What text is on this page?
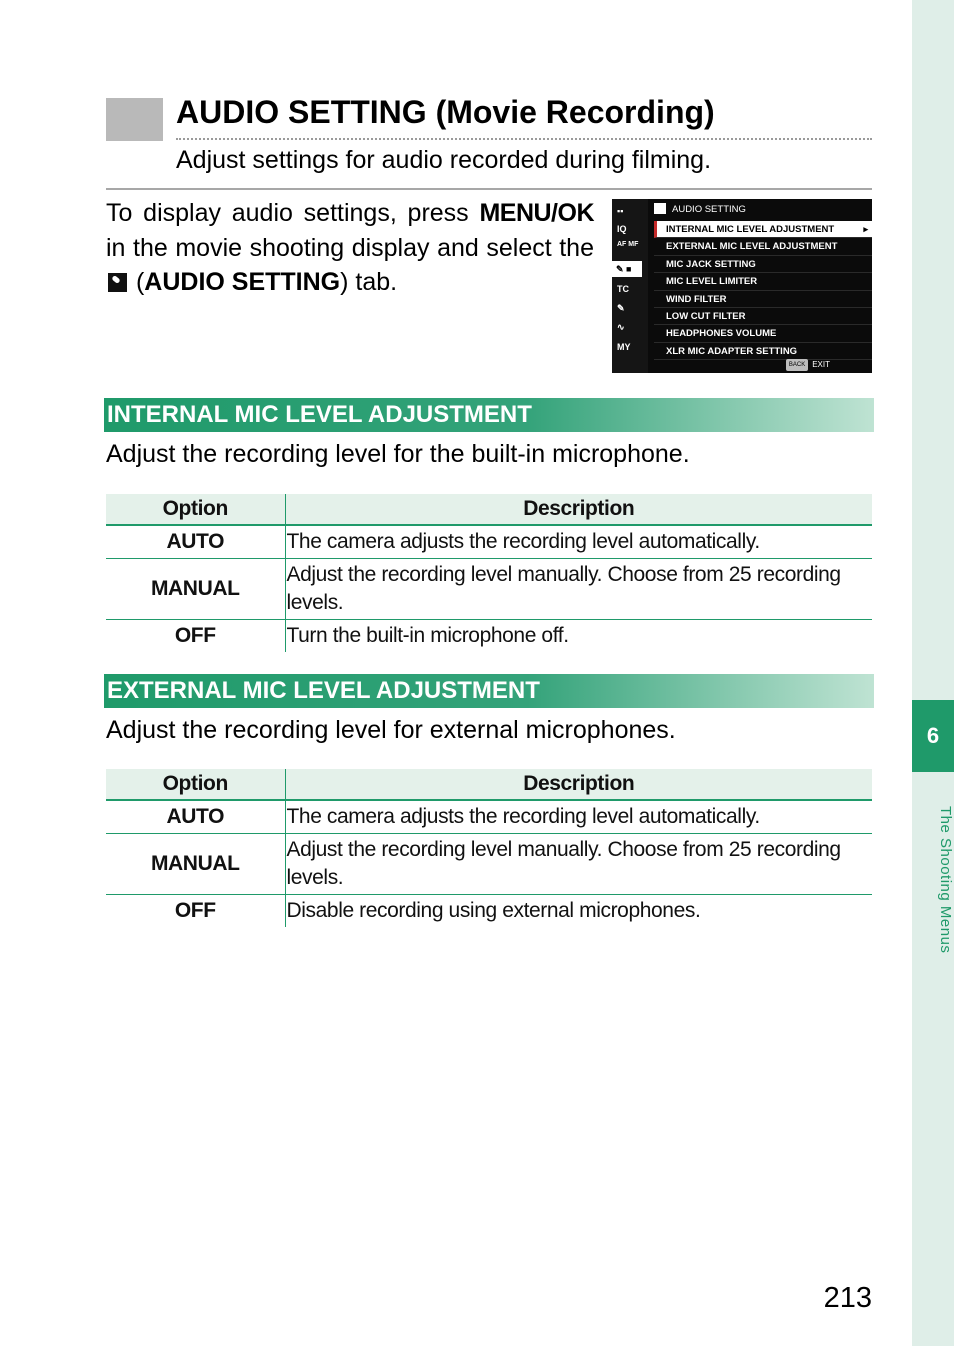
6
The Shooting Menus
AUDIO SETTING (Movie Recording)
Adjust settings for audio recorded during filming.
To display audio settings, press MENU/OK in the movie shooting display and select the  (AUDIO SETTING) tab.
▪▪
IQ
AF MF
✎ ■
TC
✎
∿
MY
AUDIO SETTING
INTERNAL MIC LEVEL ADJUSTMENT ▸
EXTERNAL MIC LEVEL ADJUSTMENT
MIC JACK SETTING
MIC LEVEL LIMITER
WIND FILTER
LOW CUT FILTER
HEADPHONES VOLUME
XLR MIC ADAPTER SETTING
BACK EXIT
INTERNAL MIC LEVEL ADJUSTMENT
Adjust the recording level for the built-in microphone.
Option	Description
AUTO	The camera adjusts the recording level automatically.
MANUAL	Adjust the recording level manually. Choose from 25 recording levels.
OFF	Turn the built-in microphone off.
EXTERNAL MIC LEVEL ADJUSTMENT
Adjust the recording level for external microphones.
Option	Description
AUTO	The camera adjusts the recording level automatically.
MANUAL	Adjust the recording level manually. Choose from 25 recording levels.
OFF	Disable recording using external microphones.
213
